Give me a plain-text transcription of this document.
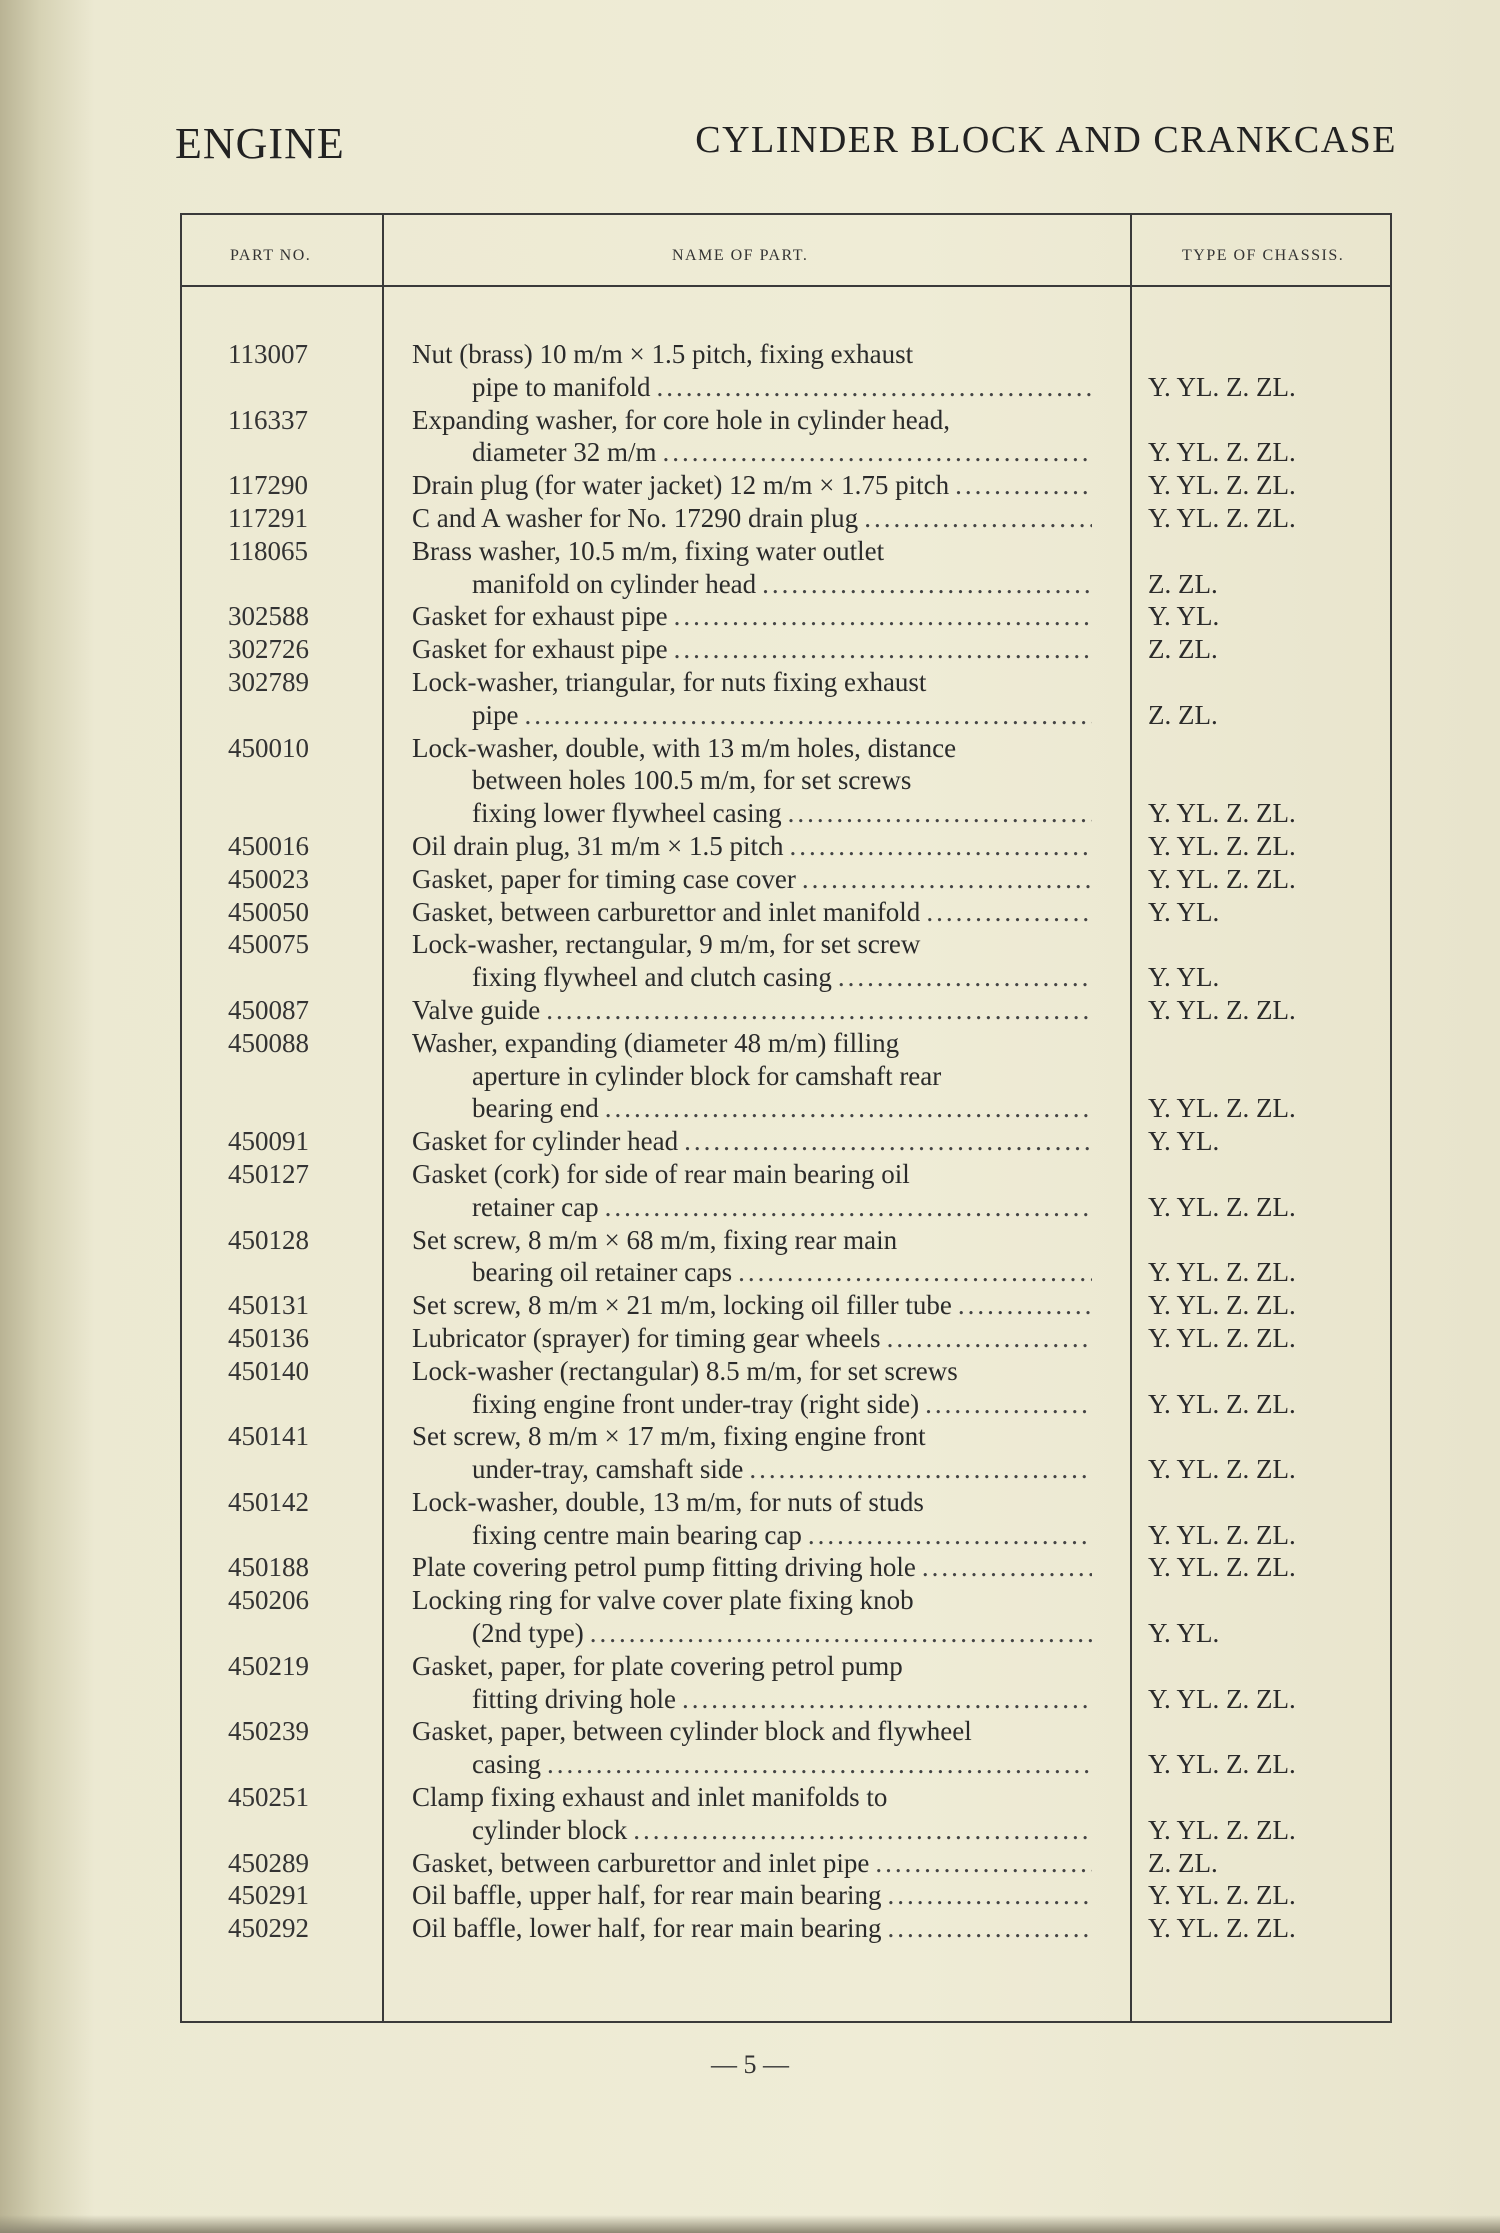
ENGINE	CYLINDER BLOCK AND CRANKCASE
PART NO.	NAME OF PART.	TYPE OF CHASSIS.
113007	Nut (brass) 10 m/m × 1.5 pitch, fixing exhaust
pipe to manifold .....	Y. YL. Z. ZL.
116337	Expanding washer, for core hole in cylinder head,
diameter 32 m/m .....	Y. YL. Z. ZL.
117290	Drain plug (for water jacket) 12 m/m × 1.75 pitch .....	Y. YL. Z. ZL.
117291	C and A washer for No. 17290 drain plug .....	Y. YL. Z. ZL.
118065	Brass washer, 10.5 m/m, fixing water outlet
manifold on cylinder head .....	Z. ZL.
302588	Gasket for exhaust pipe .....	Y. YL.
302726	Gasket for exhaust pipe .....	Z. ZL.
302789	Lock-washer, triangular, for nuts fixing exhaust
pipe .....	Z. ZL.
450010	Lock-washer, double, with 13 m/m holes, distance
between holes 100.5 m/m, for set screws
fixing lower flywheel casing .....	Y. YL. Z. ZL.
450016	Oil drain plug, 31 m/m × 1.5 pitch .....	Y. YL. Z. ZL.
450023	Gasket, paper for timing case cover .....	Y. YL. Z. ZL.
450050	Gasket, between carburettor and inlet manifold .....	Y. YL.
450075	Lock-washer, rectangular, 9 m/m, for set screw
fixing flywheel and clutch casing .....	Y. YL.
450087	Valve guide .....	Y. YL. Z. ZL.
450088	Washer, expanding (diameter 48 m/m) filling
aperture in cylinder block for camshaft rear
bearing end .....	Y. YL. Z. ZL.
450091	Gasket for cylinder head .....	Y. YL.
450127	Gasket (cork) for side of rear main bearing oil
retainer cap .....	Y. YL. Z. ZL.
450128	Set screw, 8 m/m × 68 m/m, fixing rear main
bearing oil retainer caps .....	Y. YL. Z. ZL.
450131	Set screw, 8 m/m × 21 m/m, locking oil filler tube .....	Y. YL. Z. ZL.
450136	Lubricator (sprayer) for timing gear wheels .....	Y. YL. Z. ZL.
450140	Lock-washer (rectangular) 8.5 m/m, for set screws
fixing engine front under-tray (right side) .....	Y. YL. Z. ZL.
450141	Set screw, 8 m/m × 17 m/m, fixing engine front
under-tray, camshaft side .....	Y. YL. Z. ZL.
450142	Lock-washer, double, 13 m/m, for nuts of studs
fixing centre main bearing cap .....	Y. YL. Z. ZL.
450188	Plate covering petrol pump fitting driving hole .....	Y. YL. Z. ZL.
450206	Locking ring for valve cover plate fixing knob
(2nd type) .....	Y. YL.
450219	Gasket, paper, for plate covering petrol pump
fitting driving hole .....	Y. YL. Z. ZL.
450239	Gasket, paper, between cylinder block and flywheel
casing .....	Y. YL. Z. ZL.
450251	Clamp fixing exhaust and inlet manifolds to
cylinder block .....	Y. YL. Z. ZL.
450289	Gasket, between carburettor and inlet pipe .....	Z. ZL.
450291	Oil baffle, upper half, for rear main bearing .....	Y. YL. Z. ZL.
450292	Oil baffle, lower half, for rear main bearing .....	Y. YL. Z. ZL.
— 5 —
